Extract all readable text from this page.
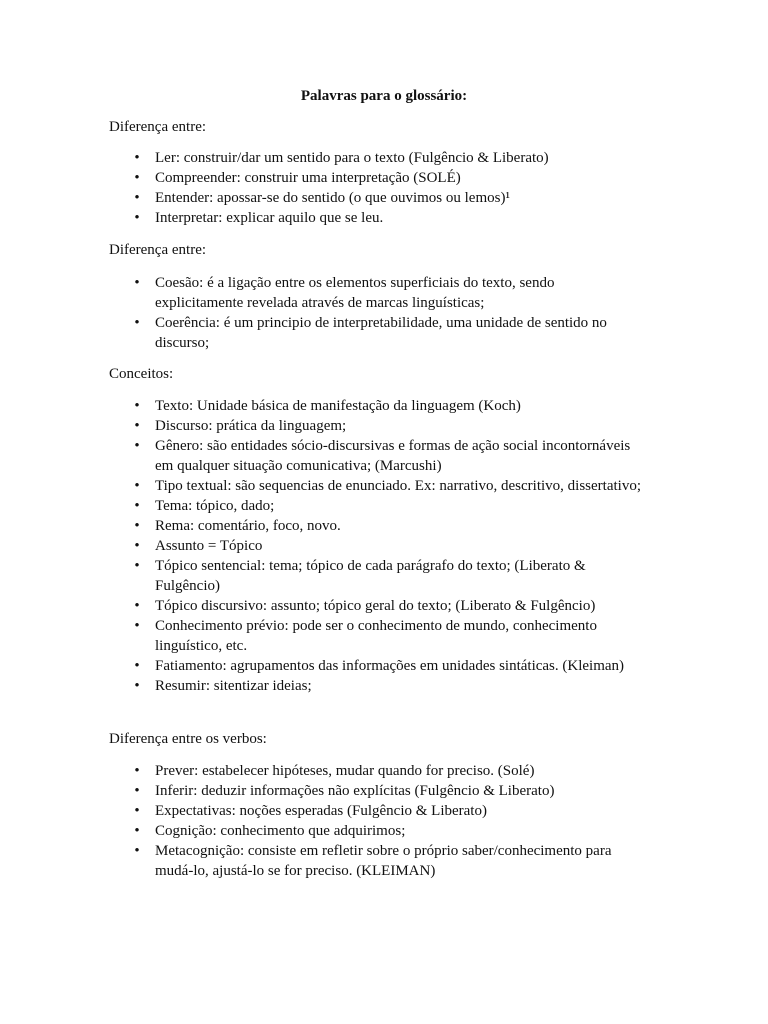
Palavras para o glossário:
Diferença entre:
• Ler: construir/dar um sentido para o texto (Fulgêncio & Liberato)
• Compreender: construir uma interpretação (SOLÉ)
• Entender: apossar-se do sentido (o que ouvimos ou lemos)¹
• Interpretar: explicar aquilo que se leu.
Diferença entre:
• Coesão: é a ligação entre os elementos superficiais do texto, sendo explicitamente revelada através de marcas linguísticas;
• Coerência: é um principio de interpretabilidade, uma unidade de sentido no discurso;
Conceitos:
• Texto: Unidade básica de manifestação da linguagem (Koch)
• Discurso: prática da linguagem;
• Gênero: são entidades sócio-discursivas e formas de ação social incontornáveis em qualquer situação comunicativa; (Marcushi)
• Tipo textual: são sequencias de enunciado. Ex: narrativo, descritivo, dissertativo;
• Tema: tópico, dado;
• Rema: comentário, foco, novo.
• Assunto = Tópico
• Tópico sentencial: tema; tópico de cada parágrafo do texto; (Liberato & Fulgêncio)
• Tópico discursivo: assunto; tópico geral do texto; (Liberato & Fulgêncio)
• Conhecimento prévio: pode ser o conhecimento de mundo, conhecimento linguístico, etc.
• Fatiamento: agrupamentos das informações em unidades sintáticas. (Kleiman)
• Resumir: sitentizar ideias;
Diferença entre os verbos:
• Prever: estabelecer hipóteses, mudar quando for preciso. (Solé)
• Inferir: deduzir informações não explícitas (Fulgêncio & Liberato)
• Expectativas: noções esperadas (Fulgêncio & Liberato)
• Cognição: conhecimento que adquirimos;
• Metacognição: consiste em refletir sobre o próprio saber/conhecimento para mudá-lo, ajustá-lo se for preciso. (KLEIMAN)
